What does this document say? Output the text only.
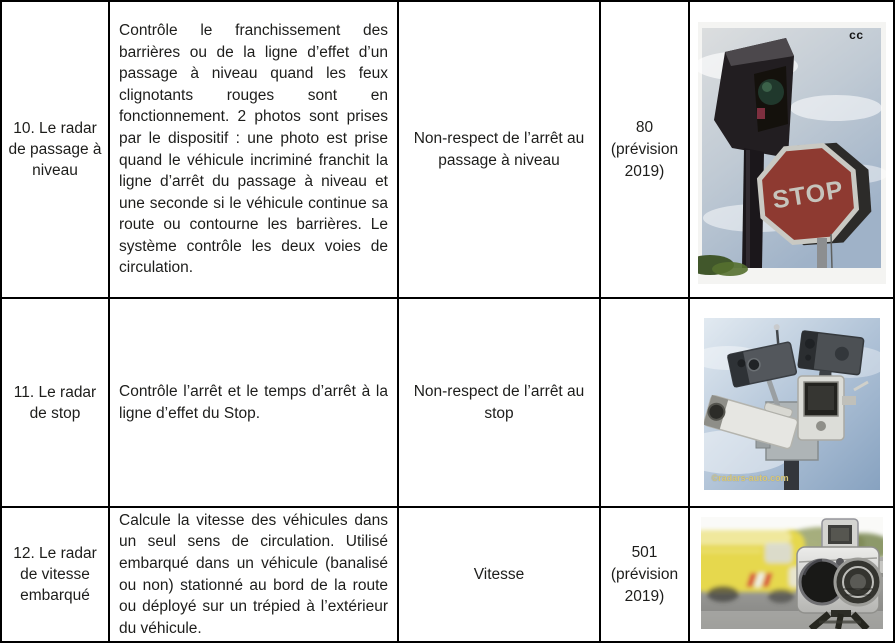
10. Le radar de passage à niveau
Contrôle le franchissement des barrières ou de la ligne d’effet d’un passage à niveau quand les feux clignotants rouges sont en fonctionnement. 2 photos sont prises par le dispositif : une photo est prise quand le véhicule incriminé franchit la ligne d’arrêt du passage à niveau et une seconde si le véhicule continue sa route ou contourne les barrières. Le système contrôle les deux voies de circulation.
Non-respect de l’arrêt au passage à niveau
80 (prévision 2019)
STOP
cc
11. Le radar de stop
Contrôle l’arrêt et le temps d’arrêt à la ligne d’effet du Stop.
Non-respect de l’arrêt au stop
©radars-auto.com
12. Le radar de vitesse embarqué
Calcule la vitesse des véhicules dans un seul sens de circulation. Utilisé embarqué dans un véhicule (banalisé ou non) stationné au bord de la route ou déployé sur un trépied à l’extérieur du véhicule.
Vitesse
501 (prévision 2019)
